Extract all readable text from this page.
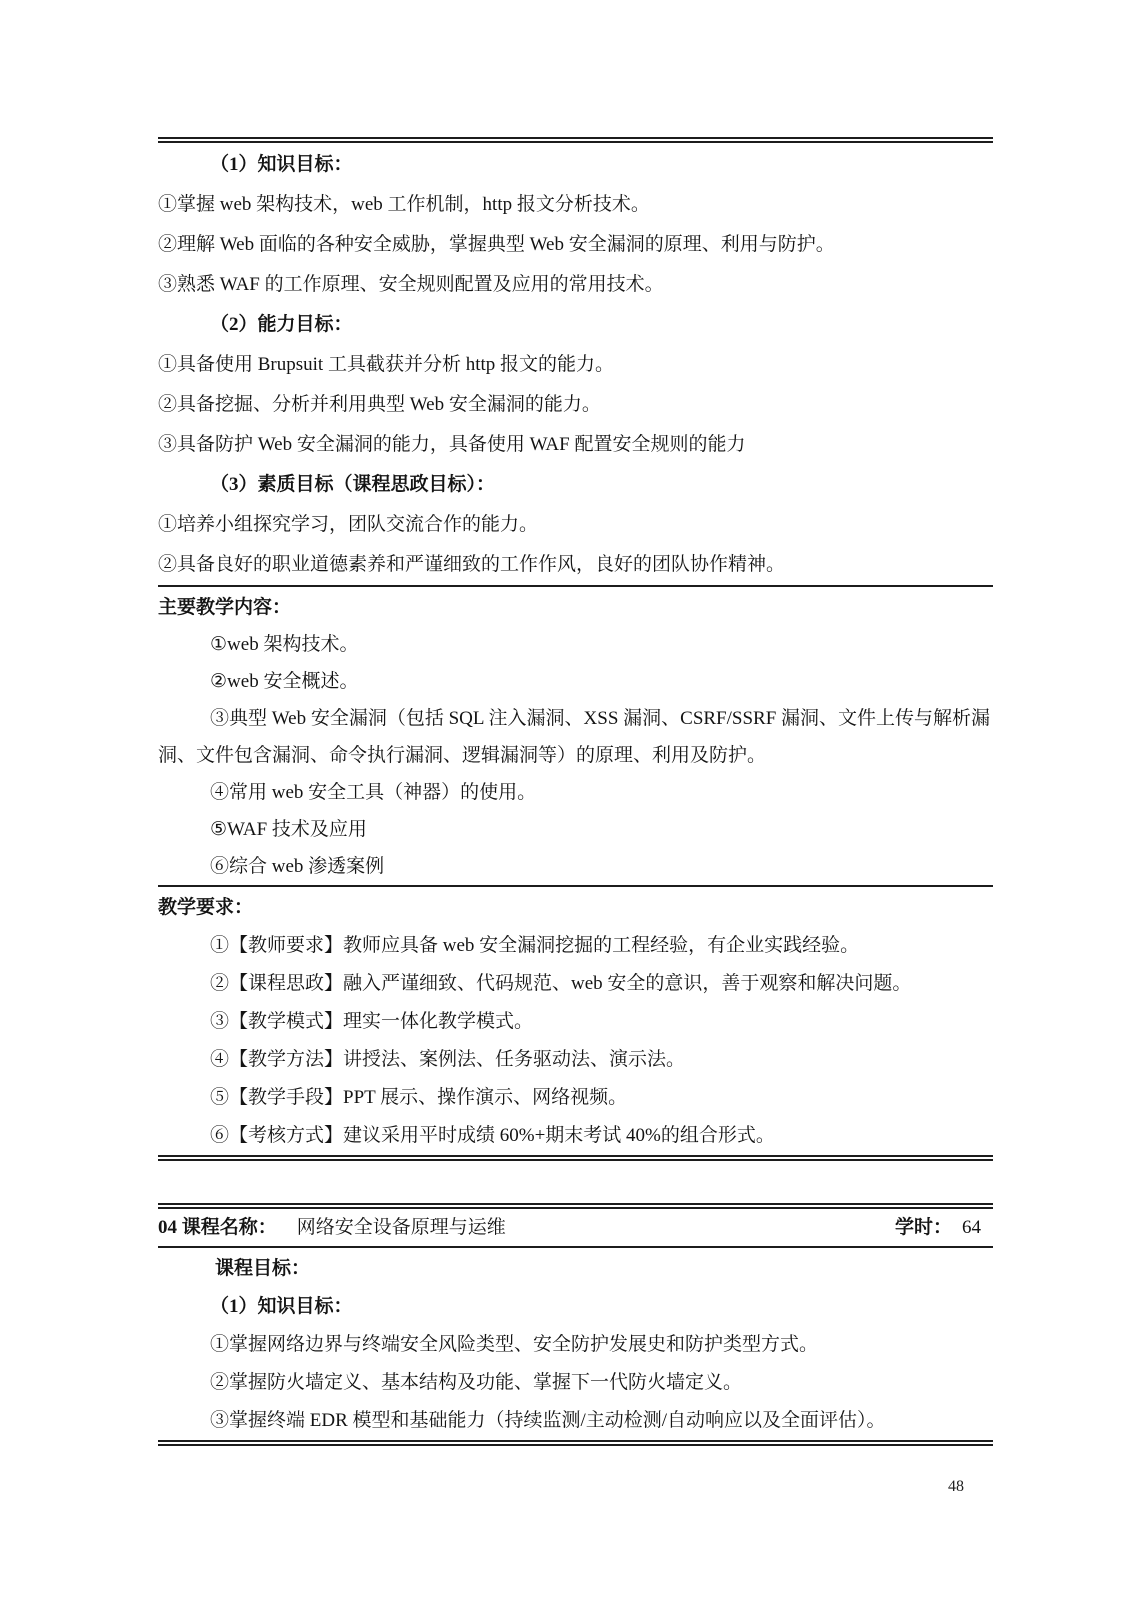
（1）知识目标：

①掌握 web 架构技术，web 工作机制，http 报文分析技术。

②理解 Web 面临的各种安全威胁，掌握典型 Web 安全漏洞的原理、利用与防护。

③熟悉 WAF 的工作原理、安全规则配置及应用的常用技术。

（2）能力目标：

①具备使用 Brupsuit 工具截获并分析 http 报文的能力。

②具备挖掘、分析并利用典型 Web 安全漏洞的能力。

③具备防护 Web 安全漏洞的能力，具备使用 WAF 配置安全规则的能力

（3）素质目标（课程思政目标）：

①培养小组探究学习，团队交流合作的能力。

②具备良好的职业道德素养和严谨细致的工作作风，良好的团队协作精神。

主要教学内容：

①web 架构技术。

②web 安全概述。

③典型 Web 安全漏洞（包括 SQL 注入漏洞、XSS 漏洞、CSRF/SSRF 漏洞、文件上传与解析漏洞、文件包含漏洞、命令执行漏洞、逻辑漏洞等）的原理、利用及防护。

④常用 web 安全工具（神器）的使用。

⑤WAF 技术及应用

⑥综合 web 渗透案例

教学要求：

①【教师要求】教师应具备 web 安全漏洞挖掘的工程经验，有企业实践经验。

②【课程思政】融入严谨细致、代码规范、web 安全的意识，善于观察和解决问题。

③【教学模式】理实一体化教学模式。

④【教学方法】讲授法、案例法、任务驱动法、演示法。

⑤【教学手段】PPT 展示、操作演示、网络视频。

⑥【考核方式】建议采用平时成绩 60%+期末考试 40%的组合形式。

04 课程名称： 网络安全设备原理与运维	学时： 64

课程目标：

（1）知识目标：

①掌握网络边界与终端安全风险类型、安全防护发展史和防护类型方式。

②掌握防火墙定义、基本结构及功能、掌握下一代防火墙定义。

③掌握终端 EDR 模型和基础能力（持续监测/主动检测/自动响应以及全面评估）。

48
